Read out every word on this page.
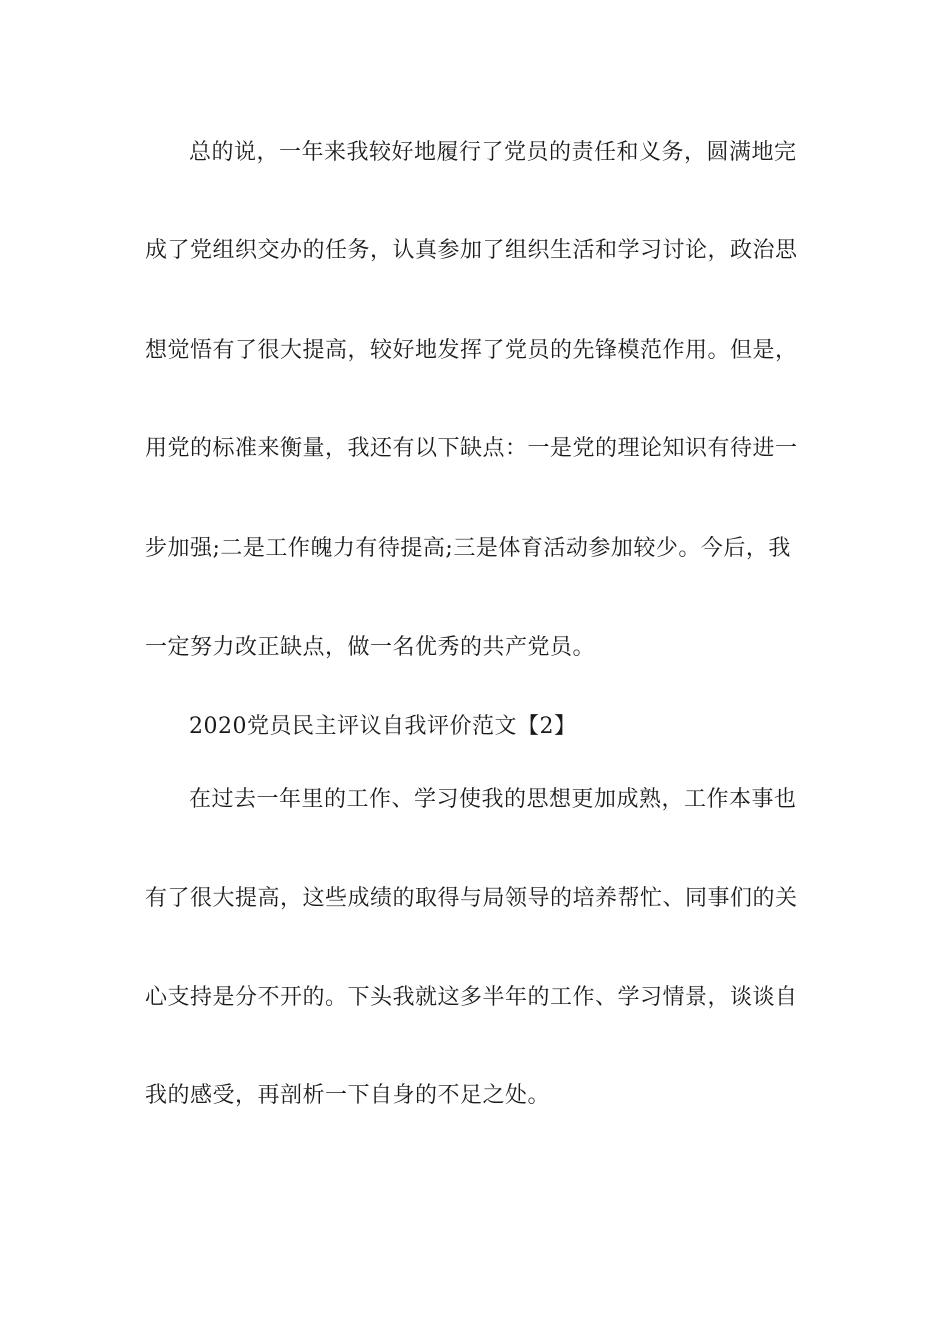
总的说，一年来我较好地履行了党员的责任和义务，圆满地完
成了党组织交办的任务，认真参加了组织生活和学习讨论，政治思
想觉悟有了很大提高，较好地发挥了党员的先锋模范作用。但是，
用党的标准来衡量，我还有以下缺点：一是党的理论知识有待进一
步加强;二是工作魄力有待提高;三是体育活动参加较少。今后，我
一定努力改正缺点，做一名优秀的共产党员。
2020党员民主评议自我评价范文【2】
在过去一年里的工作、学习使我的思想更加成熟，工作本事也
有了很大提高，这些成绩的取得与局领导的培养帮忙、同事们的关
心支持是分不开的。下头我就这多半年的工作、学习情景，谈谈自
我的感受，再剖析一下自身的不足之处。
